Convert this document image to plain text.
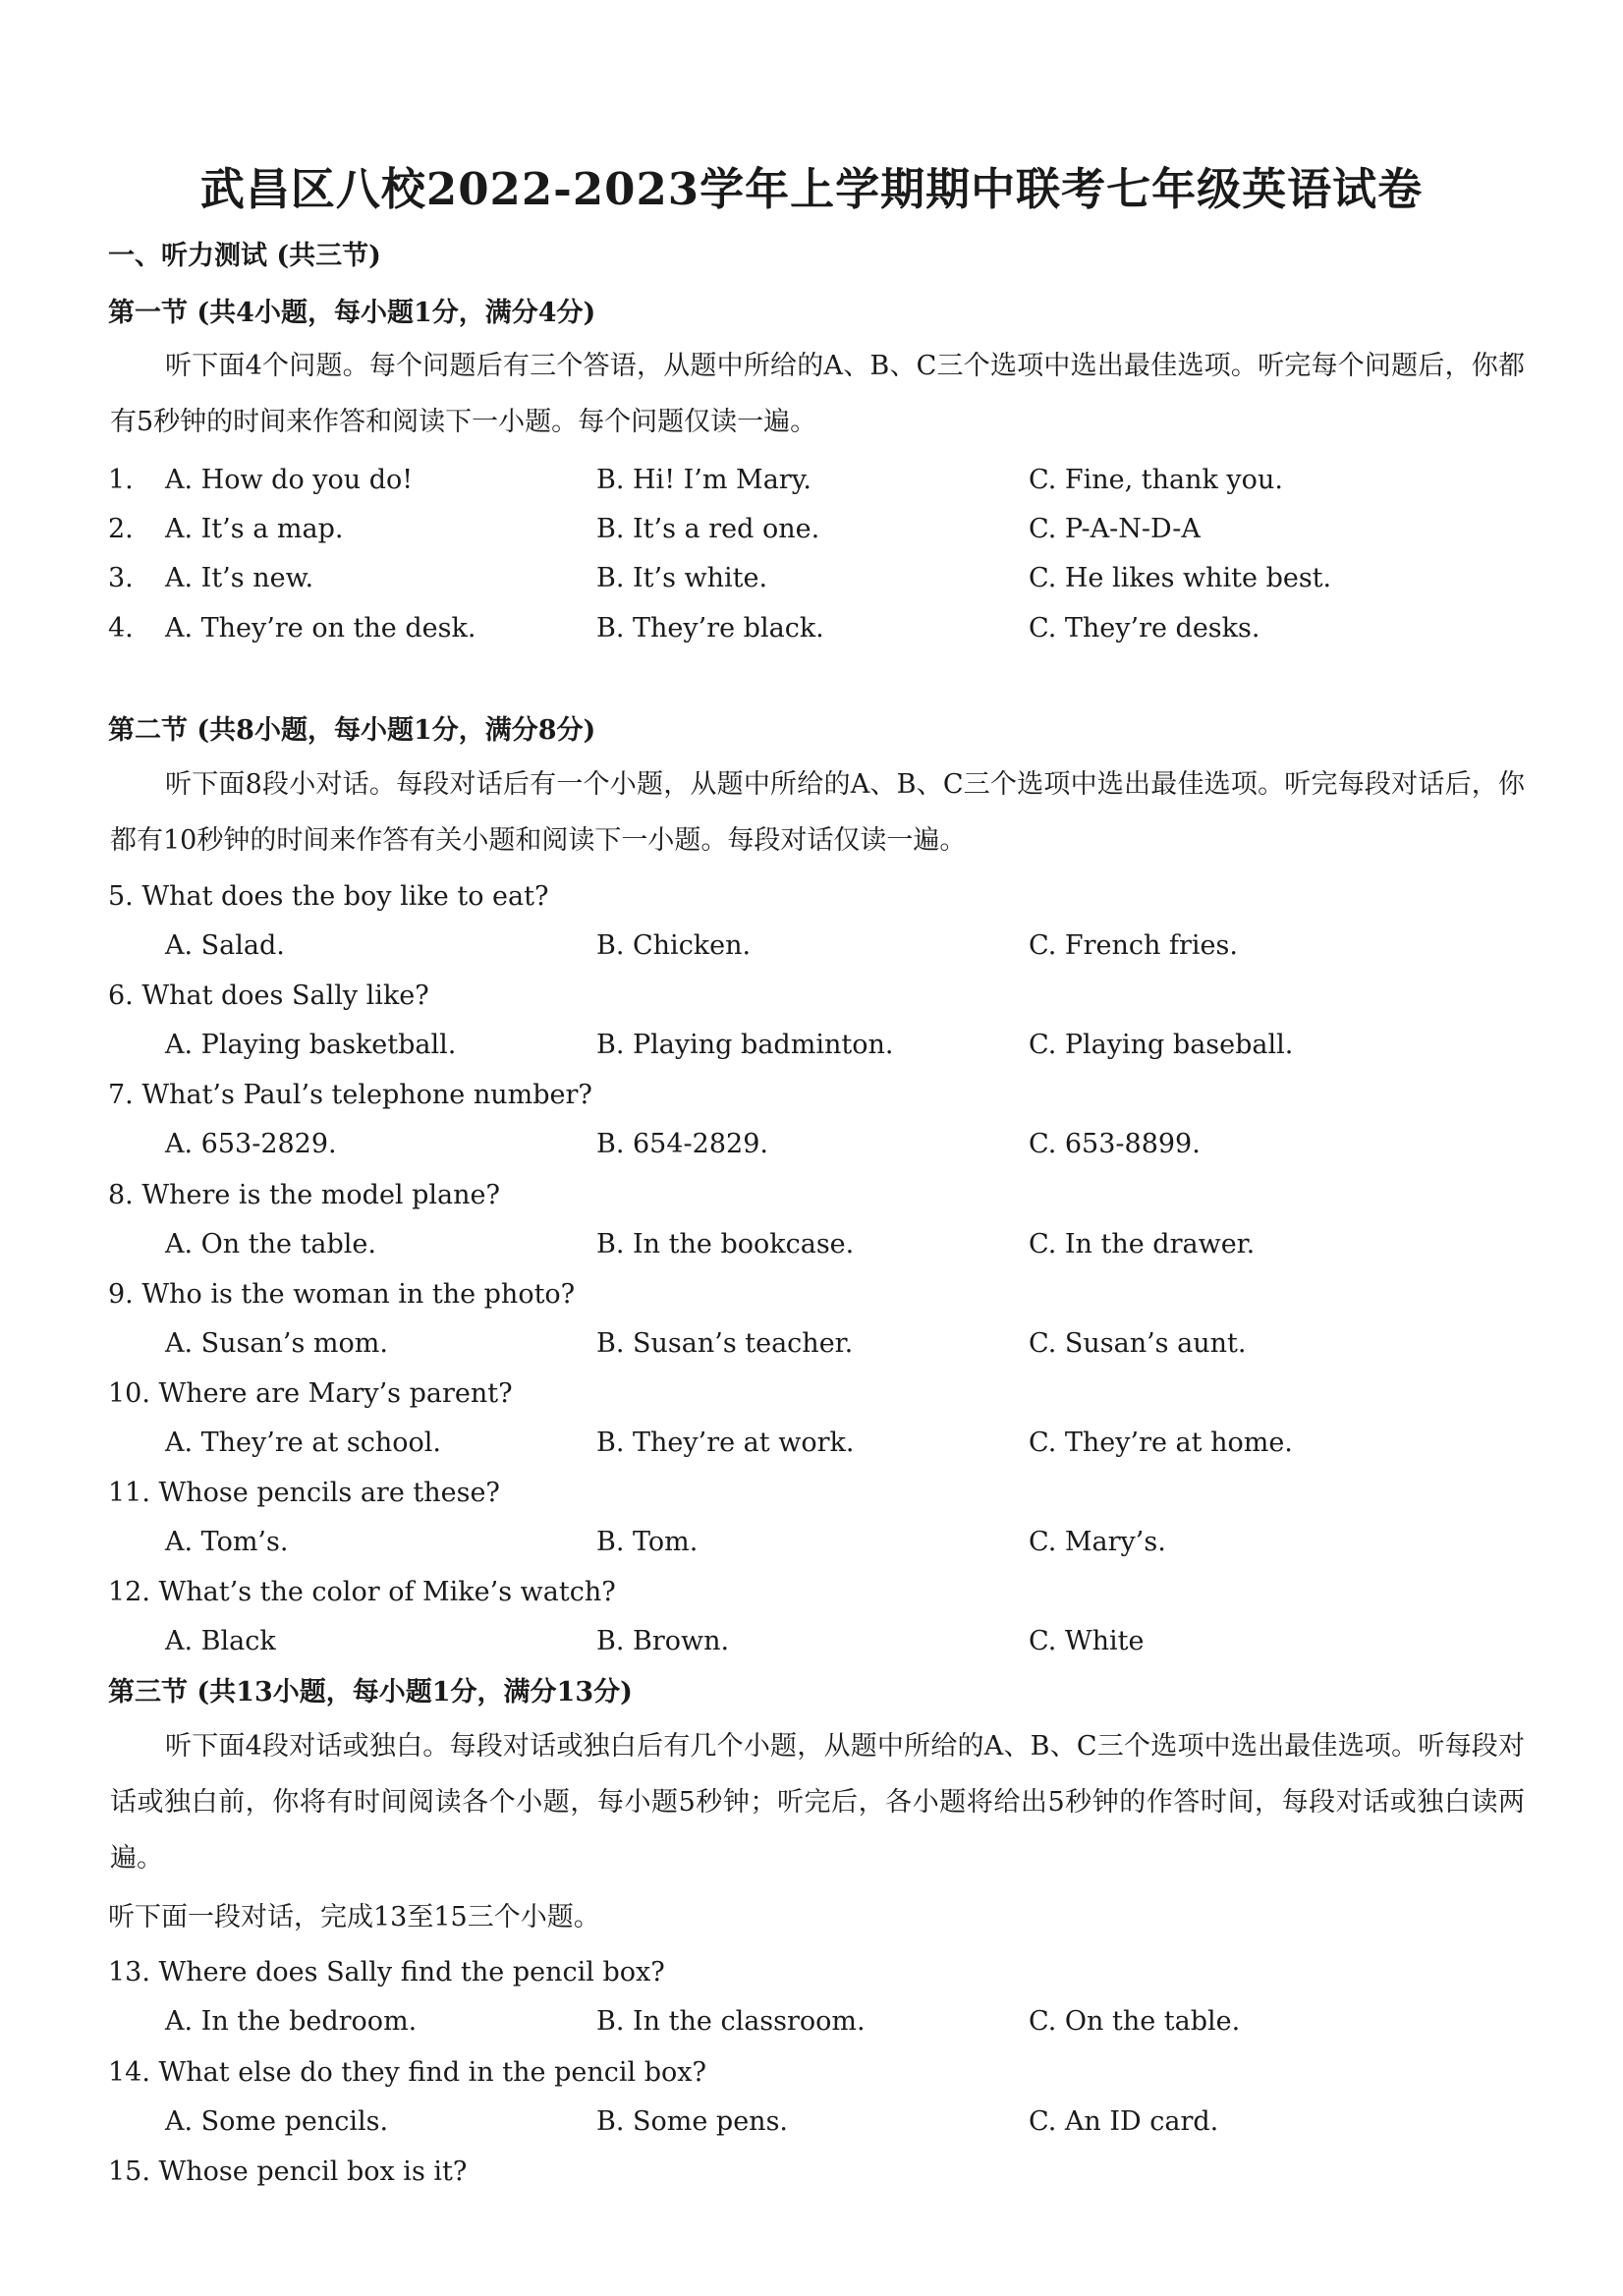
武昌区八校2022-2023学年上学期期中联考七年级英语试卷
一、听力测试 (共三节)
第一节 (共4小题，每小题1分，满分4分)
听下面4个问题。每个问题后有三个答语，从题中所给的A、B、C三个选项中选出最佳选项。听完每个问题后，你都有5秒钟的时间来作答和阅读下一小题。每个问题仅读一遍。
1. A. How do you do!	B. Hi! I’m Mary.	C. Fine, thank you.
2. A. It’s a map.	B. It’s a red one.	C. P-A-N-D-A
3. A. It’s new.	B. It’s white.	C. He likes white best.
4. A. They’re on the desk.	B. They’re black.	C. They’re desks.
第二节 (共8小题，每小题1分，满分8分)
听下面8段小对话。每段对话后有一个小题，从题中所给的A、B、C三个选项中选出最佳选项。听完每段对话后，你都有10秒钟的时间来作答有关小题和阅读下一小题。每段对话仅读一遍。
5. What does the boy like to eat?
A. Salad.	B. Chicken.	C. French fries.
6. What does Sally like?
A. Playing basketball.	B. Playing badminton.	C. Playing baseball.
7. What’s Paul’s telephone number?
A. 653-2829.	B. 654-2829.	C. 653-8899.
8. Where is the model plane?
A. On the table.	B. In the bookcase.	C. In the drawer.
9. Who is the woman in the photo?
A. Susan’s mom.	B. Susan’s teacher.	C. Susan’s aunt.
10. Where are Mary’s parent?
A. They’re at school.	B. They’re at work.	C. They’re at home.
11. Whose pencils are these?
A. Tom’s.	B. Tom.	C. Mary’s.
12. What’s the color of Mike’s watch?
A. Black	B. Brown.	C. White
第三节 (共13小题，每小题1分，满分13分)
听下面4段对话或独白。每段对话或独白后有几个小题，从题中所给的A、B、C三个选项中选出最佳选项。听每段对话或独白前，你将有时间阅读各个小题，每小题5秒钟；听完后，各小题将给出5秒钟的作答时间，每段对话或独白读两遍。
听下面一段对话，完成13至15三个小题。
13. Where does Sally find the pencil box?
A. In the bedroom.	B. In the classroom.	C. On the table.
14. What else do they find in the pencil box?
A. Some pencils.	B. Some pens.	C. An ID card.
15. Whose pencil box is it?
